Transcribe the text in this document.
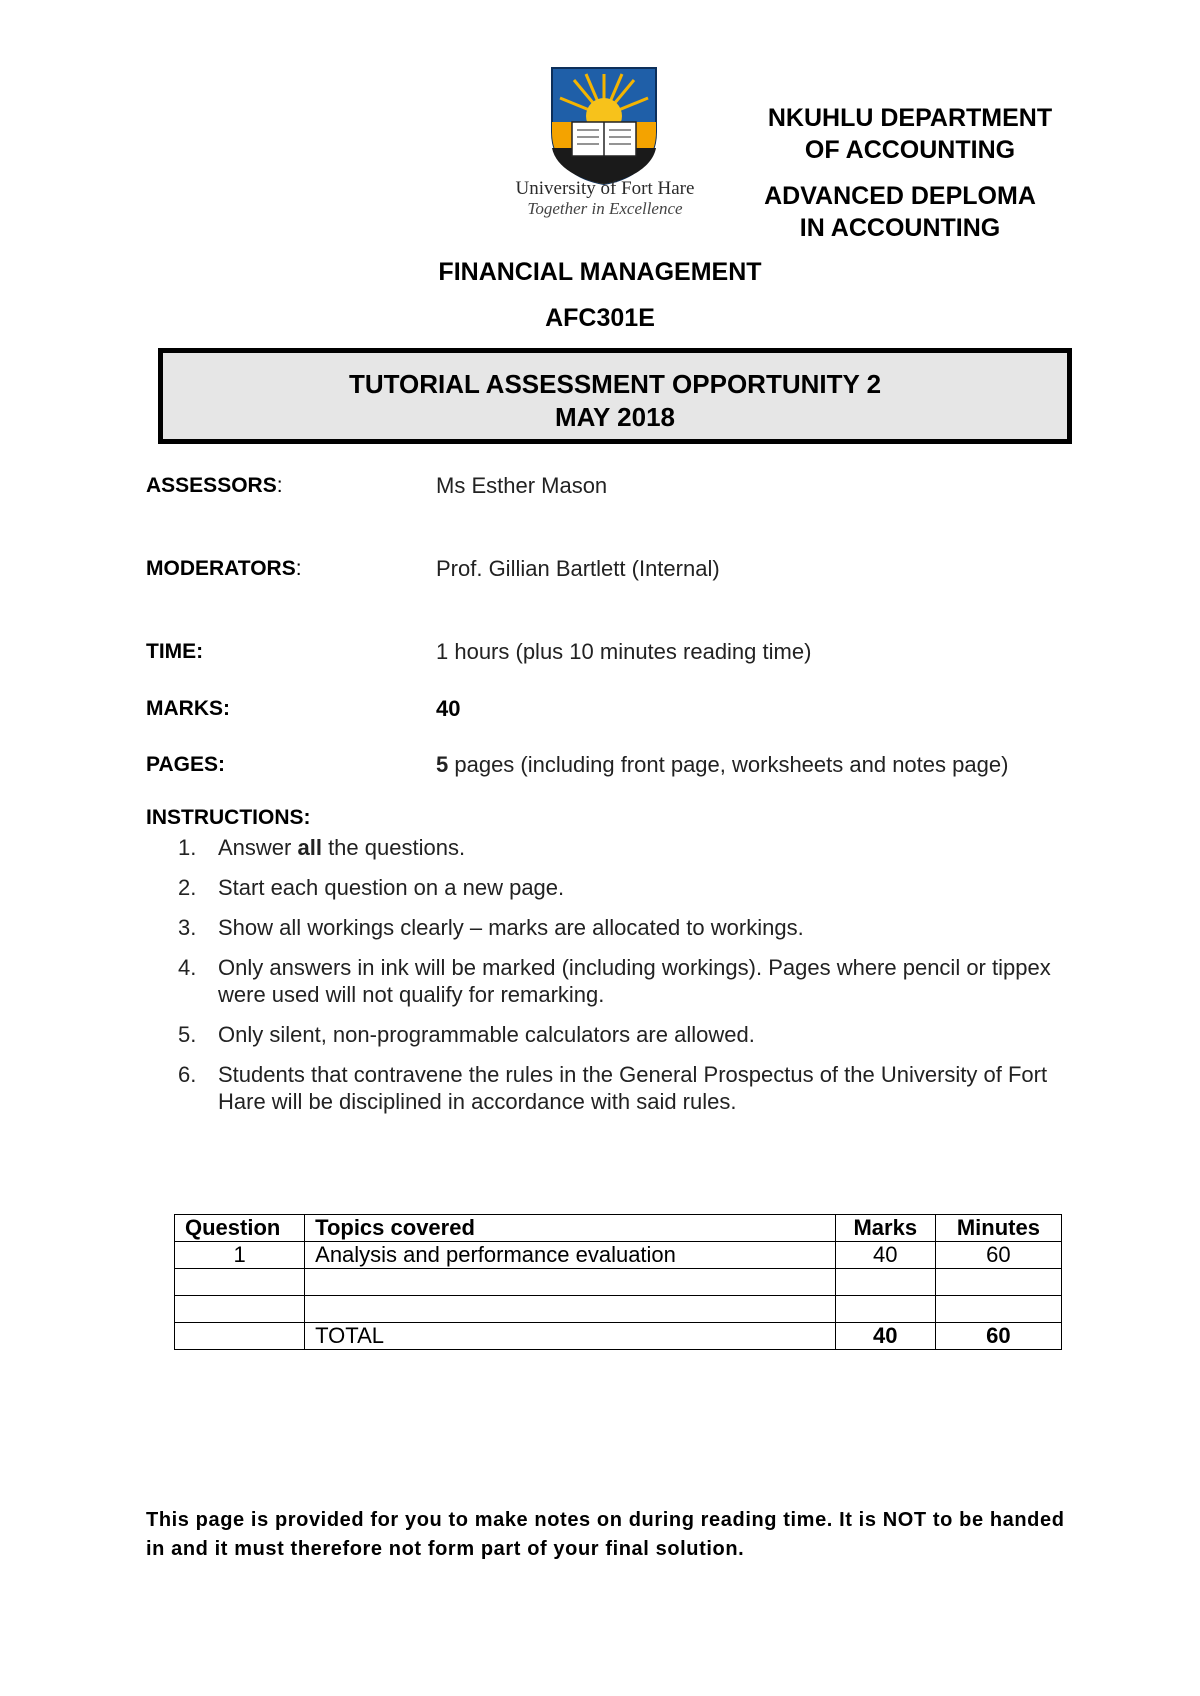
University of Fort Hare
Together in Excellence
NKUHLU DEPARTMENT
OF ACCOUNTING
ADVANCED DEPLOMA
IN ACCOUNTING
FINANCIAL MANAGEMENT
AFC301E
TUTORIAL ASSESSMENT OPPORTUNITY 2
MAY 2018
ASSESSORS:	Ms Esther Mason
MODERATORS:	Prof. Gillian Bartlett (Internal)
TIME:	1 hours (plus 10 minutes reading time)
MARKS:	40
PAGES:	5 pages (including front page, worksheets and notes page)
INSTRUCTIONS:
1. Answer all the questions.
2. Start each question on a new page.
3. Show all workings clearly – marks are allocated to workings.
4. Only answers in ink will be marked (including workings). Pages where pencil or tippex were used will not qualify for remarking.
5. Only silent, non-programmable calculators are allowed.
6. Students that contravene the rules in the General Prospectus of the University of Fort Hare will be disciplined in accordance with said rules.
Question	Topics covered	Marks	Minutes
1	Analysis and performance evaluation	40	60

	TOTAL	40	60
This page is provided for you to make notes on during reading time. It is NOT to be handed in and it must therefore not form part of your final solution.
